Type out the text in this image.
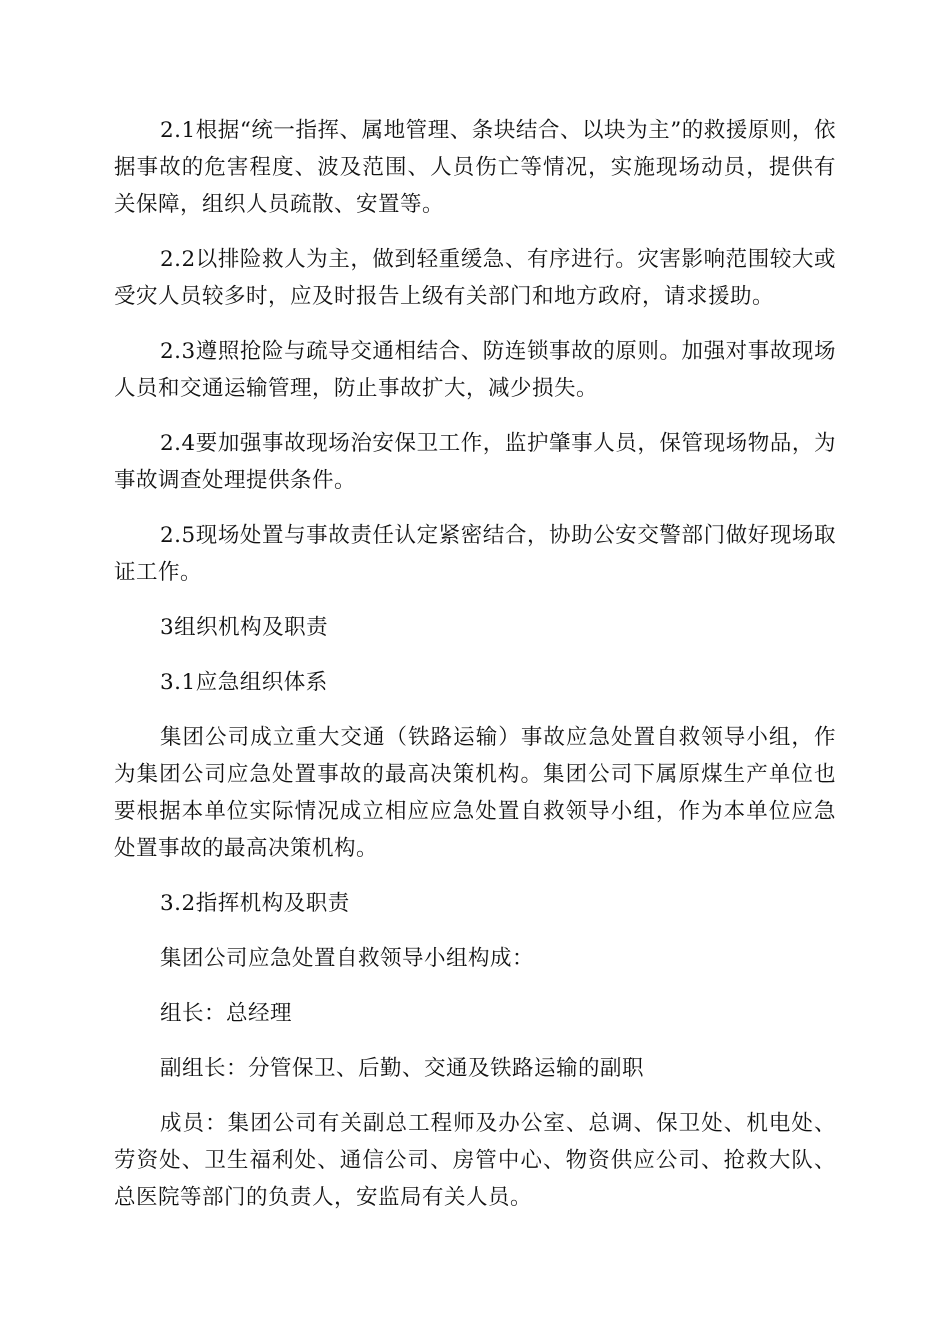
2.1根据“统一指挥、属地管理、条块结合、以块为主”的救援原则，依据事故的危害程度、波及范围、人员伤亡等情况，实施现场动员，提供有关保障，组织人员疏散、安置等。

2.2以排险救人为主，做到轻重缓急、有序进行。灾害影响范围较大或受灾人员较多时，应及时报告上级有关部门和地方政府，请求援助。

2.3遵照抢险与疏导交通相结合、防连锁事故的原则。加强对事故现场人员和交通运输管理，防止事故扩大，减少损失。

2.4要加强事故现场治安保卫工作，监护肇事人员，保管现场物品，为事故调查处理提供条件。

2.5现场处置与事故责任认定紧密结合，协助公安交警部门做好现场取证工作。

3组织机构及职责

3.1应急组织体系

集团公司成立重大交通（铁路运输）事故应急处置自救领导小组，作为集团公司应急处置事故的最高决策机构。集团公司下属原煤生产单位也要根据本单位实际情况成立相应应急处置自救领导小组，作为本单位应急处置事故的最高决策机构。

3.2指挥机构及职责

集团公司应急处置自救领导小组构成：

组长：总经理

副组长：分管保卫、后勤、交通及铁路运输的副职

成员：集团公司有关副总工程师及办公室、总调、保卫处、机电处、劳资处、卫生福利处、通信公司、房管中心、物资供应公司、抢救大队、总医院等部门的负责人，安监局有关人员。
